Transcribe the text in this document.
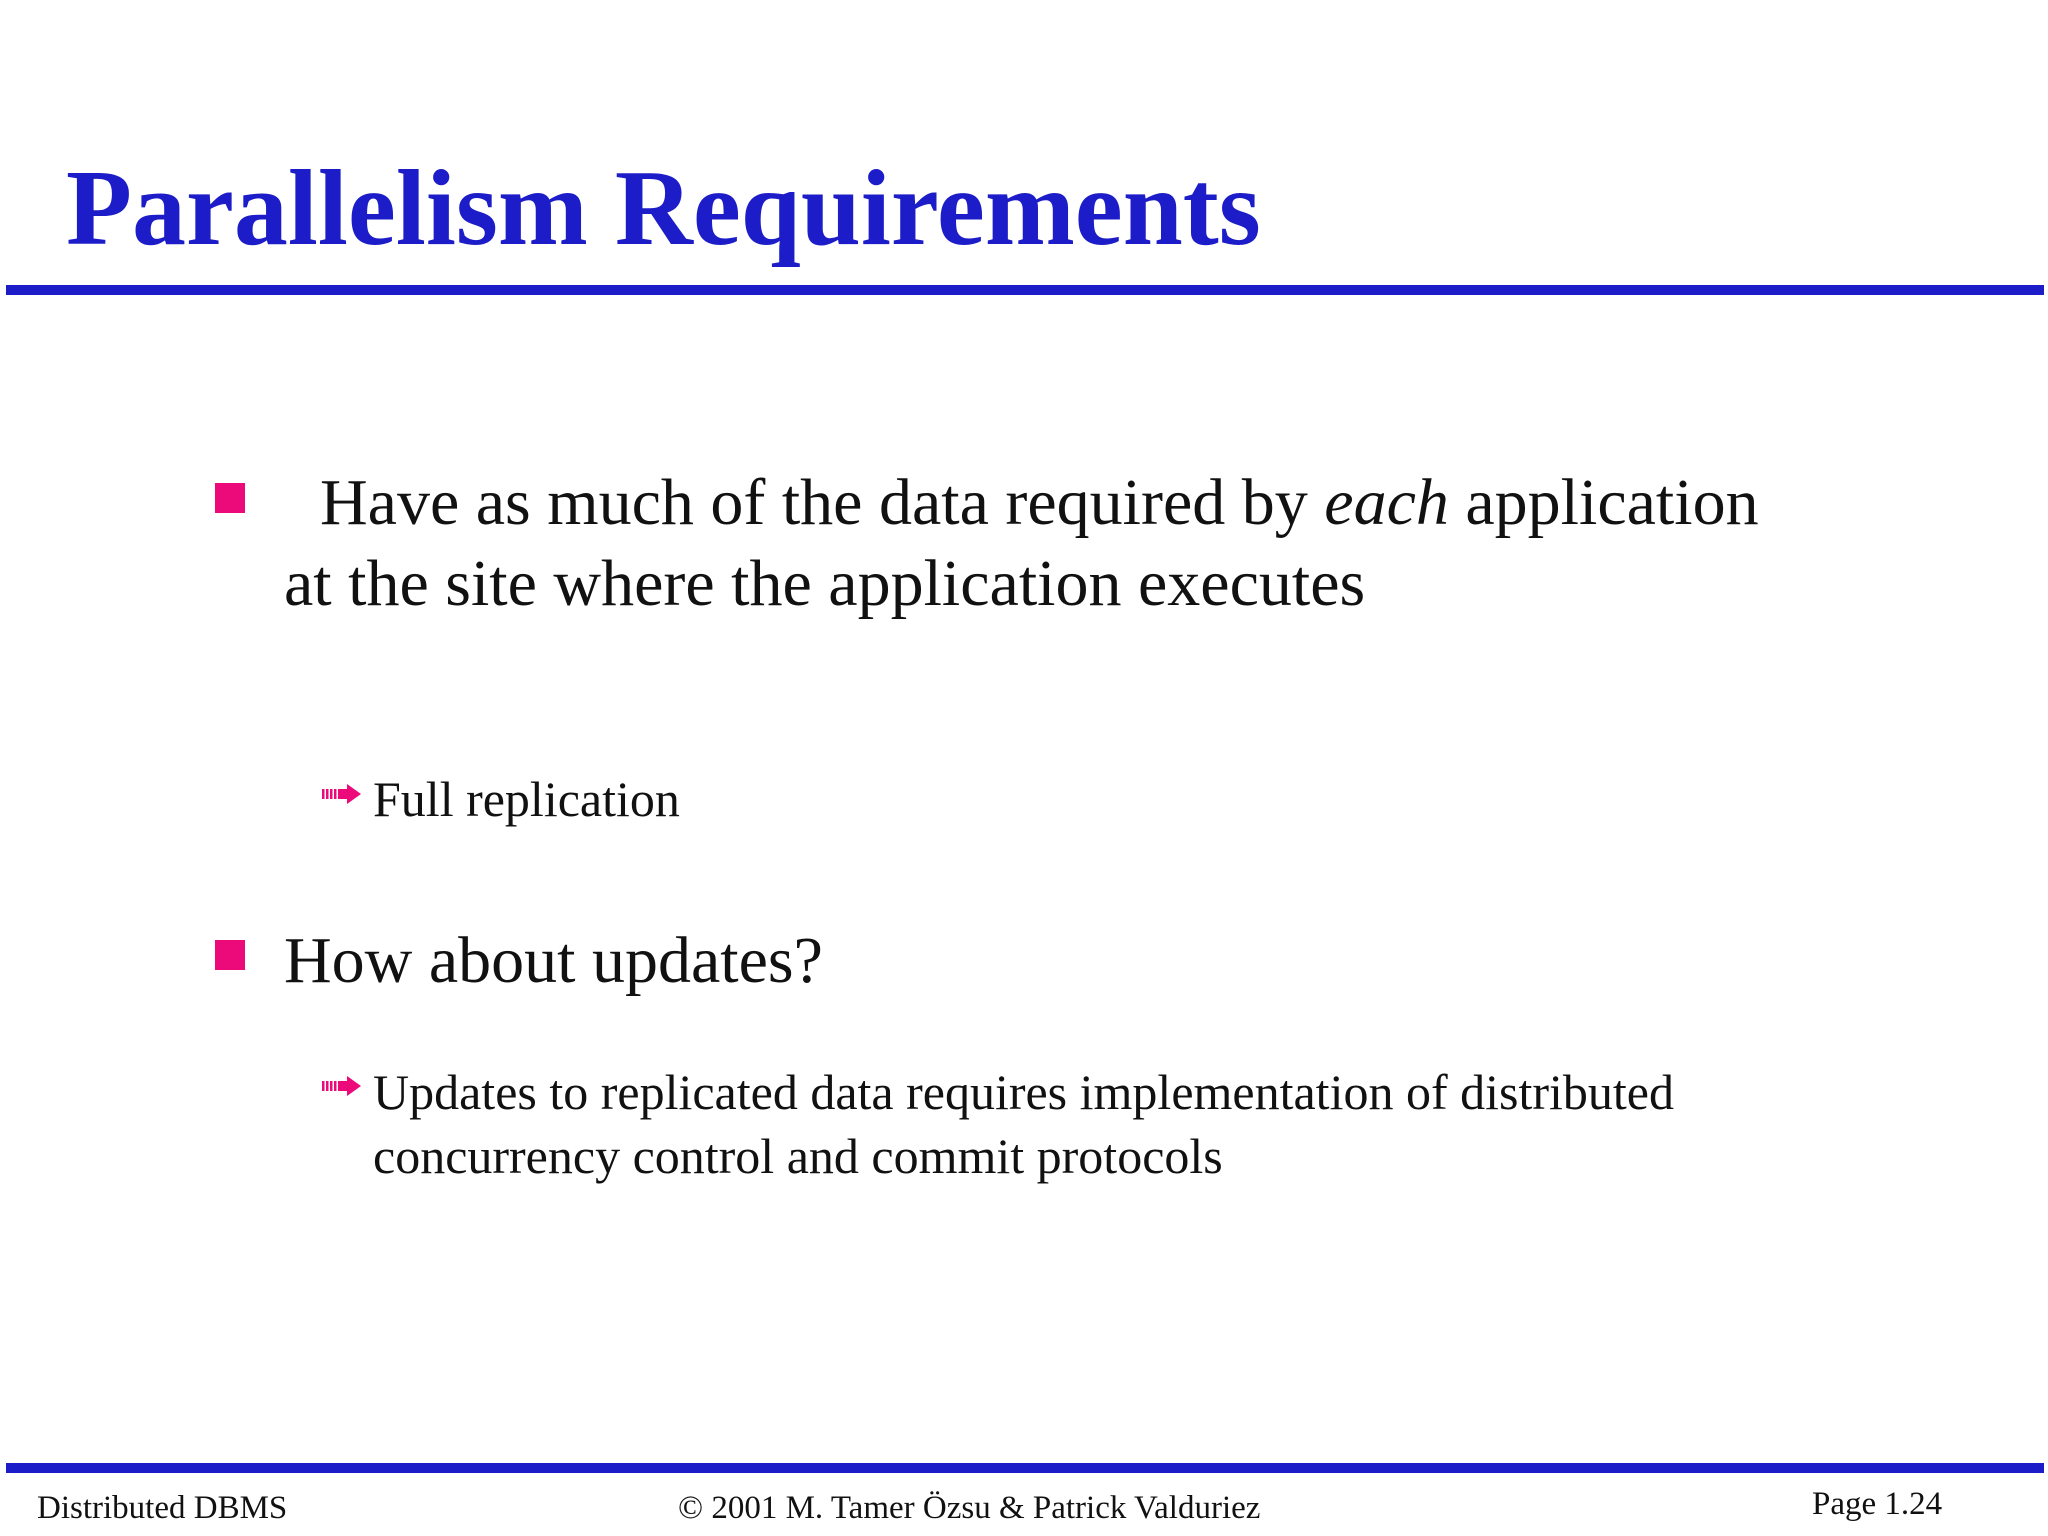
Parallelism Requirements
Have as much of the data required by each application at the site where the application executes
Full replication
How about updates?
Updates to replicated data requires implementation of distributed concurrency control and commit protocols
Distributed DBMS	© 2001 M. Tamer Özsu & Patrick Valduriez	Page 1.24
